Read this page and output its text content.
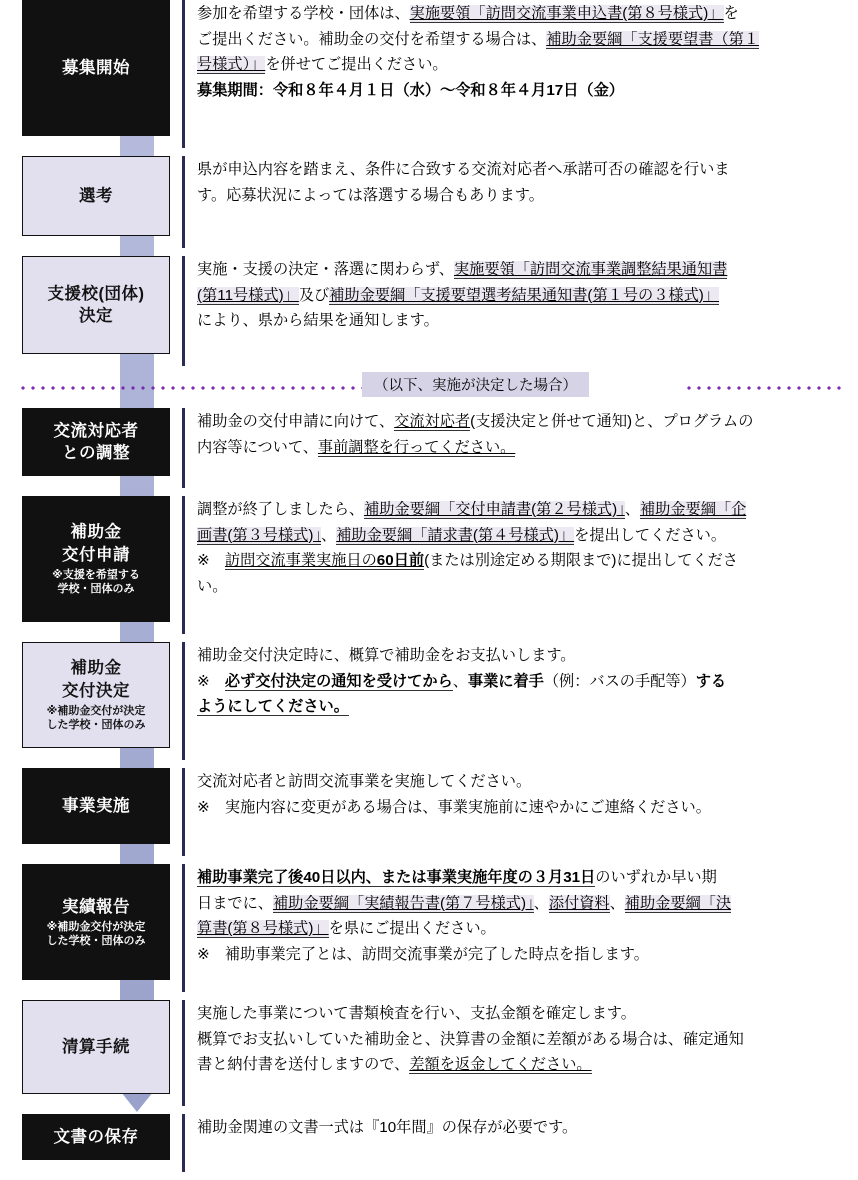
募集開始

参加を希望する学校・団体は、実施要領「訪問交流事業申込書(第８号様式)」を

ご提出ください。補助金の交付を希望する場合は、補助金要綱「支援要望書（第１

号様式）」を併せてご提出ください。

募集期間：令和８年４月１日（水）～令和８年４月17日（金）

選考

県が申込内容を踏まえ、条件に合致する交流対応者へ承諾可否の確認を行いま

す。応募状況によっては落選する場合もあります。

支援校(団体)
決定

実施・支援の決定・落選に関わらず、実施要領「訪問交流事業調整結果通知書

(第11号様式)」及び補助金要綱「支援要望選考結果通知書(第１号の３様式)」

により、県から結果を通知します。

（以下、実施が決定した場合）
交流対応者
との調整

補助金の交付申請に向けて、交流対応者(支援決定と併せて通知)と、プログラムの

内容等について、事前調整を行ってください。

補助金
交付申請
※支援を希望する
学校・団体のみ

調整が終了しましたら、補助金要綱「交付申請書(第２号様式)」、補助金要綱「企

画書(第３号様式)」、補助金要綱「請求書(第４号様式)」を提出してください。

※　訪問交流事業実施日の60日前(または別途定める期限まで)に提出してくださ

い。

補助金
交付決定
※補助金交付が決定
した学校・団体のみ

補助金交付決定時に、概算で補助金をお支払いします。

※　必ず交付決定の通知を受けてから、事業に着手（例：バスの手配等）する

ようにしてください。

事業実施

交流対応者と訪問交流事業を実施してください。

※　実施内容に変更がある場合は、事業実施前に速やかにご連絡ください。

実績報告
※補助金交付が決定
した学校・団体のみ

補助事業完了後40日以内、または事業実施年度の３月31日のいずれか早い期

日までに、補助金要綱「実績報告書(第７号様式)」、添付資料、補助金要綱「決

算書(第８号様式)」を県にご提出ください。

※　補助事業完了とは、訪問交流事業が完了した時点を指します。

清算手続

実施した事業について書類検査を行い、支払金額を確定します。

概算でお支払いしていた補助金と、決算書の金額に差額がある場合は、確定通知

書と納付書を送付しますので、差額を返金してください。

文書の保存

補助金関連の文書一式は『10年間』の保存が必要です。
